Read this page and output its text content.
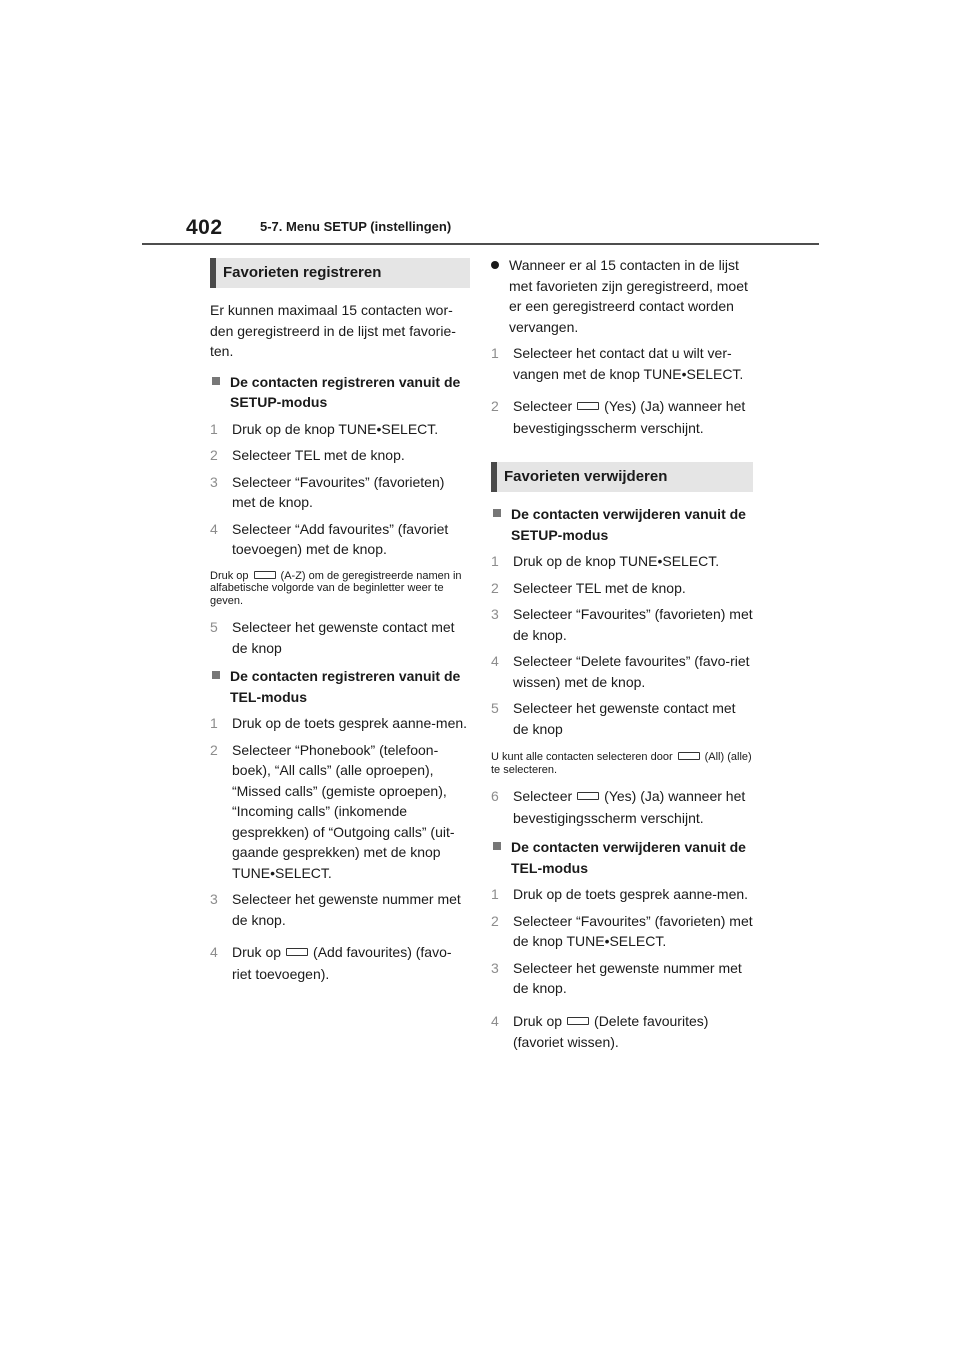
402	5-7. Menu SETUP (instellingen)
Favorieten registreren
Er kunnen maximaal 15 contacten wor-den geregistreerd in de lijst met favorie-ten.
De contacten registreren vanuit de SETUP-modus
1	Druk op de knop TUNE•SELECT.
2	Selecteer TEL met de knop.
3	Selecteer “Favourites” (favorieten) met de knop.
4	Selecteer “Add favourites” (favoriet toevoegen) met de knop.
Druk op	(A-Z) om de geregistreerde namen in alfabetische volgorde van de beginletter weer te geven.
5	Selecteer het gewenste contact met de knop
De contacten registreren vanuit de TEL-modus
1	Druk op de toets gesprek aanne-men.
2	Selecteer “Phonebook” (telefoon-boek), “All calls” (alle oproepen), “Missed calls” (gemiste oproepen), “Incoming calls” (inkomende gesprekken) of “Outgoing calls” (uit-gaande gesprekken) met de knop TUNE•SELECT.
3	Selecteer het gewenste nummer met de knop.
4	Druk op (Add favourites) (favo-riet toevoegen).
Wanneer er al 15 contacten in de lijst met favorieten zijn geregistreerd, moet er een geregistreerd contact worden vervangen.
1	Selecteer het contact dat u wilt ver-vangen met de knop TUNE•SELECT.
2	Selecteer (Yes) (Ja) wanneer het bevestigingsscherm verschijnt.
Favorieten verwijderen
De contacten verwijderen vanuit de SETUP-modus
1	Druk op de knop TUNE•SELECT.
2	Selecteer TEL met de knop.
3	Selecteer “Favourites” (favorieten) met de knop.
4	Selecteer “Delete favourites” (favo-riet wissen) met de knop.
5	Selecteer het gewenste contact met de knop
U kunt alle contacten selecteren door	(All) (alle) te selecteren.
6	Selecteer (Yes) (Ja) wanneer het bevestigingsscherm verschijnt.
De contacten verwijderen vanuit de TEL-modus
1	Druk op de toets gesprek aanne-men.
2	Selecteer “Favourites” (favorieten) met de knop TUNE•SELECT.
3	Selecteer het gewenste nummer met de knop.
4	Druk op (Delete favourites) (favoriet wissen).
